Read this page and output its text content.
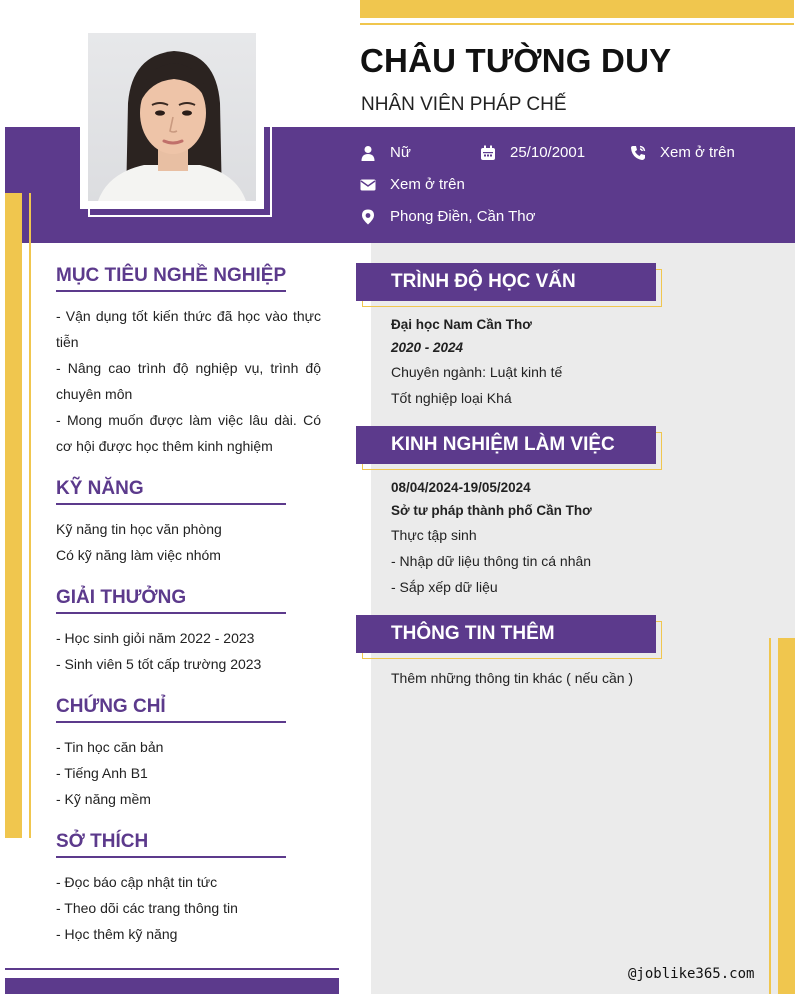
CHÂU TƯỜNG DUY
NHÂN VIÊN PHÁP CHẾ
Nữ	25/10/2001	Xem ở trên
Xem ở trên
Phong Điền, Cần Thơ
MỤC TIÊU NGHỀ NGHIỆP

- Vận dụng tốt kiến thức đã học vào thực tiễn

- Nâng cao trình độ nghiệp vụ, trình độ chuyên môn

- Mong muốn được làm việc lâu dài. Có cơ hội được học thêm kinh nghiệm

KỸ NĂNG

Kỹ năng tin học văn phòng

Có kỹ năng làm việc nhóm

GIẢI THƯỞNG

- Học sinh giỏi năm 2022 - 2023

- Sinh viên 5 tốt cấp trường 2023

CHỨNG CHỈ

- Tin học căn bản

- Tiếng Anh B1

- Kỹ năng mềm

SỞ THÍCH

- Đọc báo cập nhật tin tức

- Theo dõi các trang thông tin

- Học thêm kỹ năng

TRÌNH ĐỘ HỌC VẤN
Đại học Nam Cần Thơ
2020 - 2024

Chuyên ngành: Luật kinh tế

Tốt nghiệp loại Khá

KINH NGHIỆM LÀM VIỆC
08/04/2024-19/05/2024
Sở tư pháp thành phố Cần Thơ

Thực tập sinh

- Nhập dữ liệu thông tin cá nhân

- Sắp xếp dữ liệu

THÔNG TIN THÊM

Thêm những thông tin khác ( nếu cần )

@joblike365.com
